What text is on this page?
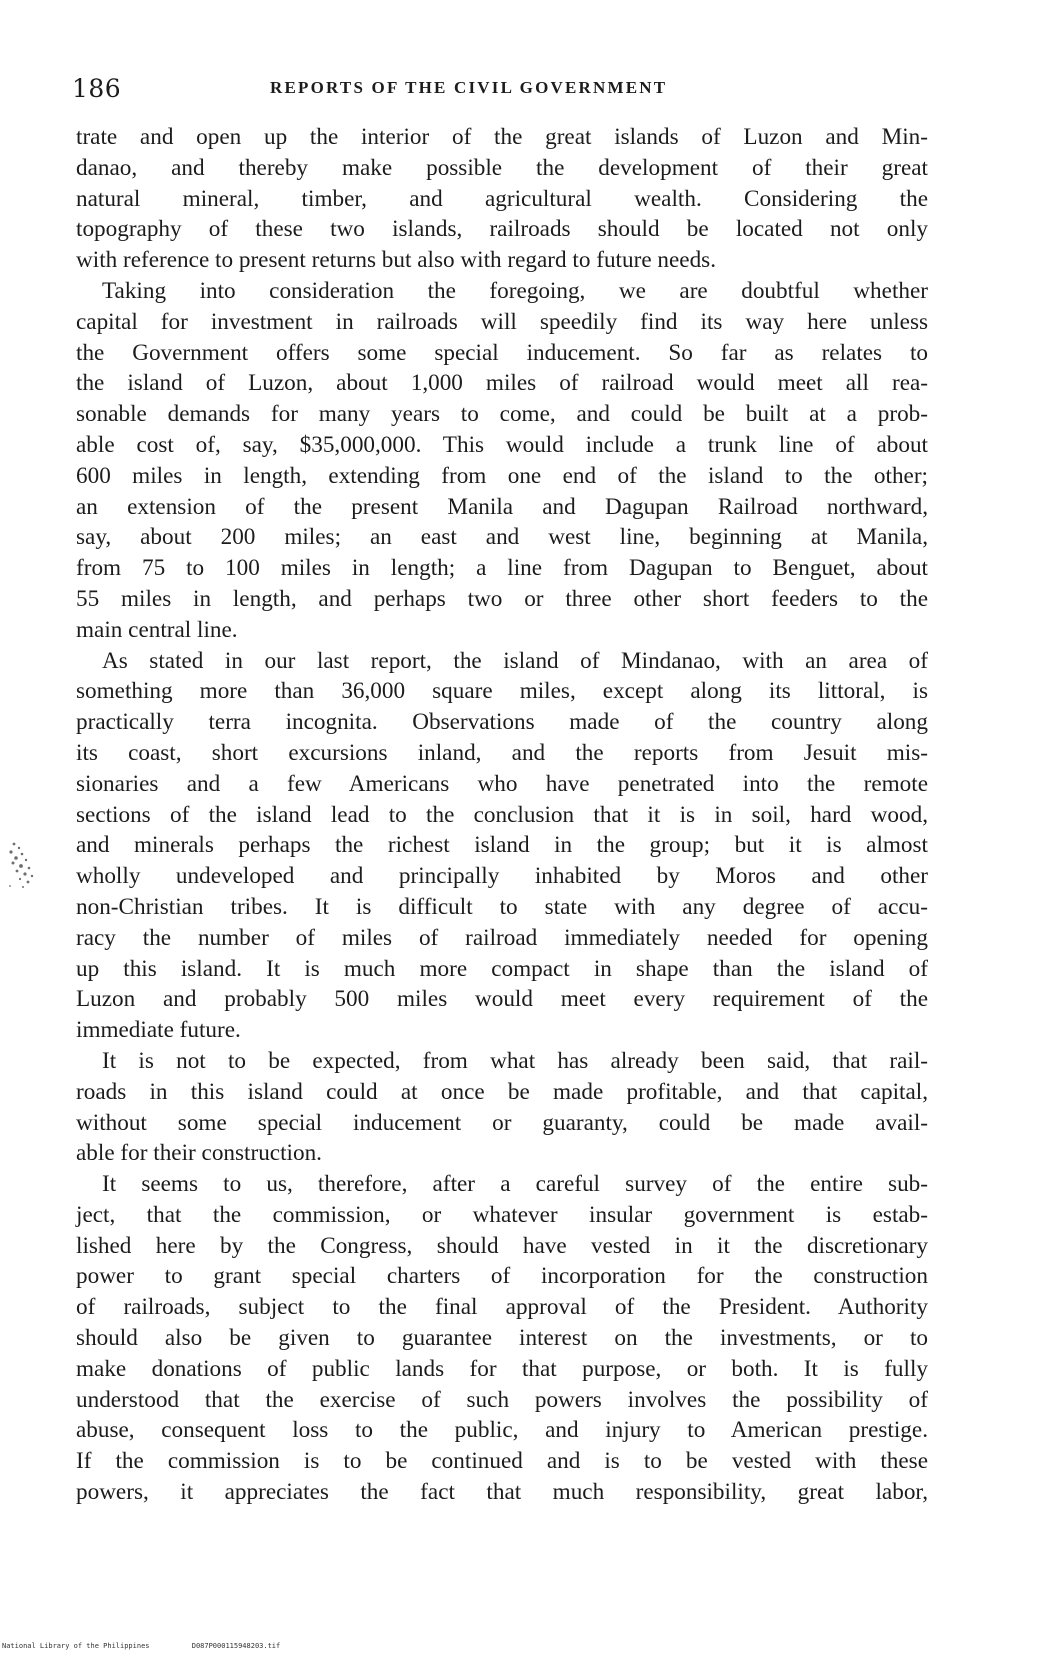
186	REPORTS OF THE CIVIL GOVERNMENT
trate and open up the interior of the great islands of Luzon and Min-
danao, and thereby make possible the development of their great
natural mineral, timber, and agricultural wealth. Considering the
topography of these two islands, railroads should be located not only
with reference to present returns but also with regard to future needs.
Taking into consideration the foregoing, we are doubtful whether
capital for investment in railroads will speedily find its way here unless
the Government offers some special inducement. So far as relates to
the island of Luzon, about 1,000 miles of railroad would meet all rea-
sonable demands for many years to come, and could be built at a prob-
able cost of, say, $35,000,000. This would include a trunk line of about
600 miles in length, extending from one end of the island to the other;
an extension of the present Manila and Dagupan Railroad northward,
say, about 200 miles; an east and west line, beginning at Manila,
from 75 to 100 miles in length; a line from Dagupan to Benguet, about
55 miles in length, and perhaps two or three other short feeders to the
main central line.
As stated in our last report, the island of Mindanao, with an area of
something more than 36,000 square miles, except along its littoral, is
practically terra incognita. Observations made of the country along
its coast, short excursions inland, and the reports from Jesuit mis-
sionaries and a few Americans who have penetrated into the remote
sections of the island lead to the conclusion that it is in soil, hard wood,
and minerals perhaps the richest island in the group; but it is almost
wholly undeveloped and principally inhabited by Moros and other
non-Christian tribes. It is difficult to state with any degree of accu-
racy the number of miles of railroad immediately needed for opening
up this island. It is much more compact in shape than the island of
Luzon and probably 500 miles would meet every requirement of the
immediate future.
It is not to be expected, from what has already been said, that rail-
roads in this island could at once be made profitable, and that capital,
without some special inducement or guaranty, could be made avail-
able for their construction.
It seems to us, therefore, after a careful survey of the entire sub-
ject, that the commission, or whatever insular government is estab-
lished here by the Congress, should have vested in it the discretionary
power to grant special charters of incorporation for the construction
of railroads, subject to the final approval of the President. Authority
should also be given to guarantee interest on the investments, or to
make donations of public lands for that purpose, or both. It is fully
understood that the exercise of such powers involves the possibility of
abuse, consequent loss to the public, and injury to American prestige.
If the commission is to be continued and is to be vested with these
powers, it appreciates the fact that much responsibility, great labor,
National Library of the Philippines	D087P000115948203.tif
